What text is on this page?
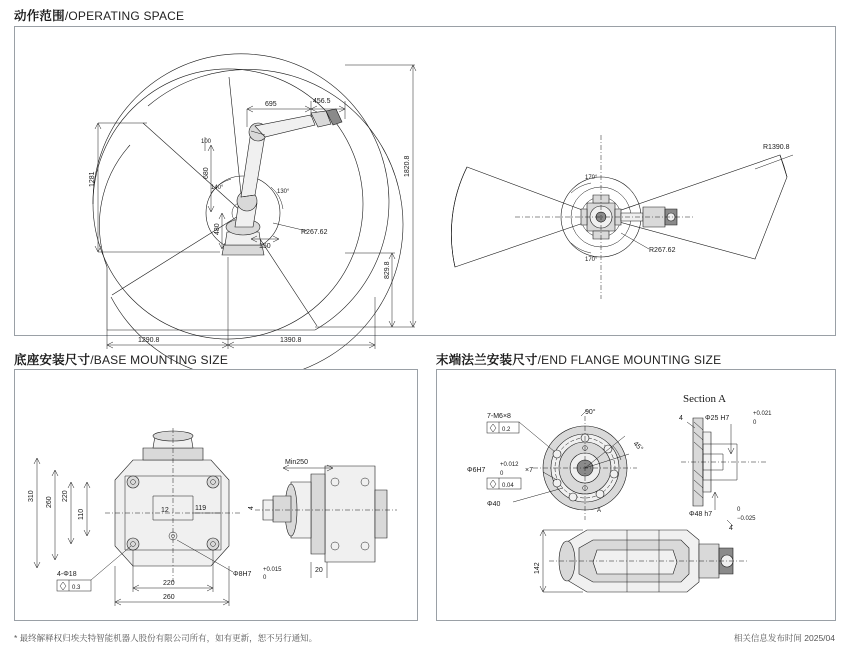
动作范围/OPERATING SPACE
底座安装尺寸/BASE MOUNTING SIZE	末端法兰安装尺寸/END FLANGE MOUNTING SIZE
1820.8
829.8
1281	680
480
150
695	456.5
100
140°
130°
R267.62
1290.8	1390.8
170°
170°
R1390.8
R267.62
310
260
220
110	12	119
4-Φ18
0.3
220
260
Φ8H7
+0.015
0
Min250
20
4
7-M6×8
0.2
90°
45°
Φ6H7
+0.012
0	×7
0.04
Φ40
A
Section A
4	Φ25 H7
+0.021
0
Φ48 h7
0
−0.025
4
142
* 最终解释权归埃夫特智能机器人股份有限公司所有，如有更新，恕不另行通知。	相关信息发布时间 2025/04
